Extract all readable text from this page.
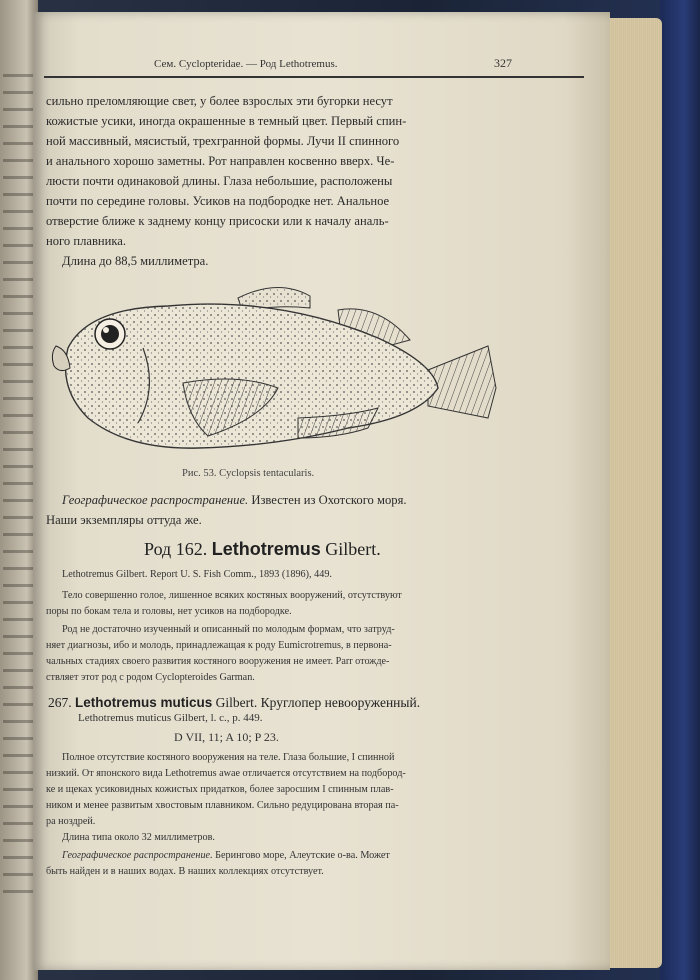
Сем. Cyclopteridae. — Род Lethotremus.	327
сильно преломляющие свет, у более взрослых эти бугорки несут
кожистые усики, иногда окрашенные в темный цвет. Первый спин-
ной массивный, мясистый, трехгранной формы. Лучи II спинного
и анального хорошо заметны. Рот направлен косвенно вверх. Че-
люсти почти одинаковой длины. Глаза небольшие, расположены
почти по середине головы. Усиков на подбородке нет. Анальное
отверстие ближе к заднему концу присоски или к началу аналь-
ного плавника.
Длина до 88,5 миллиметра.
Рис. 53. Cyclopsis tentacularis.
Географическое распространение. Известен из Охотского моря.
Наши экземпляры оттуда же.
Род 162. Lethotremus Gilbert.
Lethotremus Gilbert. Report U. S. Fish Comm., 1893 (1896), 449.
Тело совершенно голое, лишенное всяких костяных вооружений, отсутствуют
поры по бокам тела и головы, нет усиков на подбородке.
Род не достаточно изученный и описанный по молодым формам, что затруд-
няет диагнозы, ибо и молодь, принадлежащая к роду Eumicrotremus, в первона-
чальных стадиях своего развития костяного вооружения не имеет. Parr отожде-
ствляет этот род с родом Cyclopteroides Garman.
267. Lethotremus muticus Gilbert. Круглопер невооруженный.
Lethotremus muticus Gilbert, l. c., p. 449.
D VII, 11; A 10; P 23.
Полное отсутствие костяного вооружения на теле. Глаза большие, I спинной
низкий. От японского вида Lethotremus awae отличается отсутствием на подбород-
ке и щеках усиковидных кожистых придатков, более заросшим I спинным плав-
ником и менее развитым хвостовым плавником. Сильно редуцирована вторая па-
ра ноздрей.
Длина типа около 32 миллиметров.
Географическое распространение. Берингово море, Алеутские о-ва. Может
быть найден и в наших водах. В наших коллекциях отсутствует.
